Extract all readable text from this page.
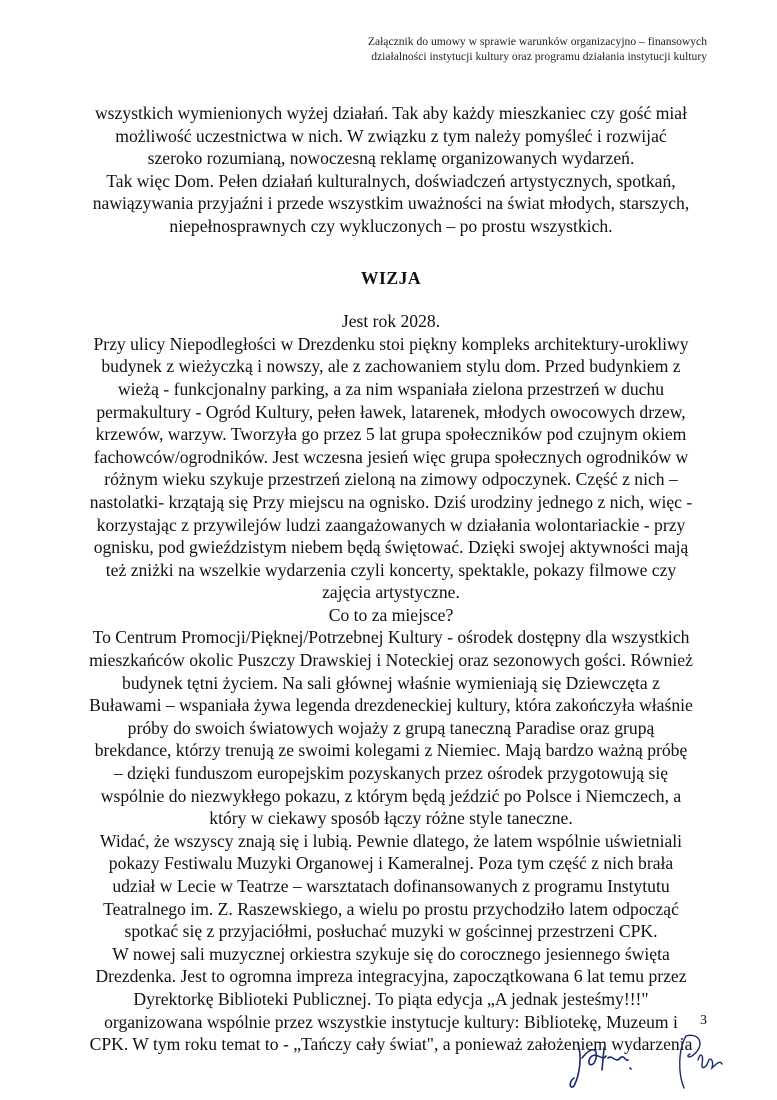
Załącznik do umowy w sprawie warunków organizacyjno – finansowych
działalności instytucji kultury oraz programu działania instytucji kultury
wszystkich wymienionych wyżej działań. Tak aby każdy mieszkaniec czy gość miał
możliwość uczestnictwa w nich. W związku z tym należy pomyśleć i rozwijać
szeroko rozumianą, nowoczesną reklamę organizowanych wydarzeń.
Tak więc Dom. Pełen działań kulturalnych, doświadczeń artystycznych, spotkań,
nawiązywania przyjaźni i przede wszystkim uważności na świat młodych, starszych,
niepełnosprawnych czy wykluczonych – po prostu wszystkich.
WIZJA
Jest rok 2028.
Przy ulicy Niepodległości w Drezdenku stoi piękny kompleks architektury-urokliwy
budynek z wieżyczką i nowszy, ale z zachowaniem stylu dom. Przed budynkiem z
wieżą - funkcjonalny parking, a za nim wspaniała zielona przestrzeń w duchu
permakultury - Ogród Kultury, pełen ławek, latarenek, młodych owocowych drzew,
krzewów, warzyw. Tworzyła go przez 5 lat grupa społeczników pod czujnym okiem
fachowców/ogrodników. Jest wczesna jesień więc grupa społecznych ogrodników w
różnym wieku szykuje przestrzeń zieloną na zimowy odpoczynek. Część z nich –
nastolatki- krzątają się Przy miejscu na ognisko. Dziś urodziny jednego z nich, więc -
korzystając z przywilejów ludzi zaangażowanych w działania wolontariackie - przy
ognisku, pod gwieździstym niebem będą świętować. Dzięki swojej aktywności mają
też zniżki na wszelkie wydarzenia czyli koncerty, spektakle, pokazy filmowe czy
zajęcia artystyczne.
Co to za miejsce?
To Centrum Promocji/Pięknej/Potrzebnej Kultury - ośrodek dostępny dla wszystkich
mieszkańców okolic Puszczy Drawskiej i Noteckiej oraz sezonowych gości. Również
budynek tętni życiem. Na sali głównej właśnie wymieniają się Dziewczęta z
Buławami – wspaniała żywa legenda drezdeneckiej kultury, która zakończyła właśnie
próby do swoich światowych wojaży z grupą taneczną Paradise oraz grupą
brekdance, którzy trenują ze swoimi kolegami z Niemiec. Mają bardzo ważną próbę
– dzięki funduszom europejskim pozyskanych przez ośrodek przygotowują się
wspólnie do niezwykłego pokazu, z którym będą jeździć po Polsce i Niemczech, a
który w ciekawy sposób łączy różne style taneczne.
Widać, że wszyscy znają się i lubią. Pewnie dlatego, że latem wspólnie uświetniali
pokazy Festiwalu Muzyki Organowej i Kameralnej. Poza tym część z nich brała
udział w Lecie w Teatrze – warsztatach dofinansowanych z programu Instytutu
Teatralnego im. Z. Raszewskiego, a wielu po prostu przychodziło latem odpocząć
spotkać się z przyjaciółmi, posłuchać muzyki w gościnnej przestrzeni CPK.
W nowej sali muzycznej orkiestra szykuje się do corocznego jesiennego święta
Drezdenka. Jest to ogromna impreza integracyjna, zapoczątkowana 6 lat temu przez
Dyrektorkę Biblioteki Publicznej. To piąta edycja „A jednak jesteśmy!!!"
organizowana wspólnie przez wszystkie instytucje kultury: Bibliotekę, Muzeum i
CPK. W tym roku temat to - „Tańczy cały świat", a ponieważ założeniem wydarzenia
3
